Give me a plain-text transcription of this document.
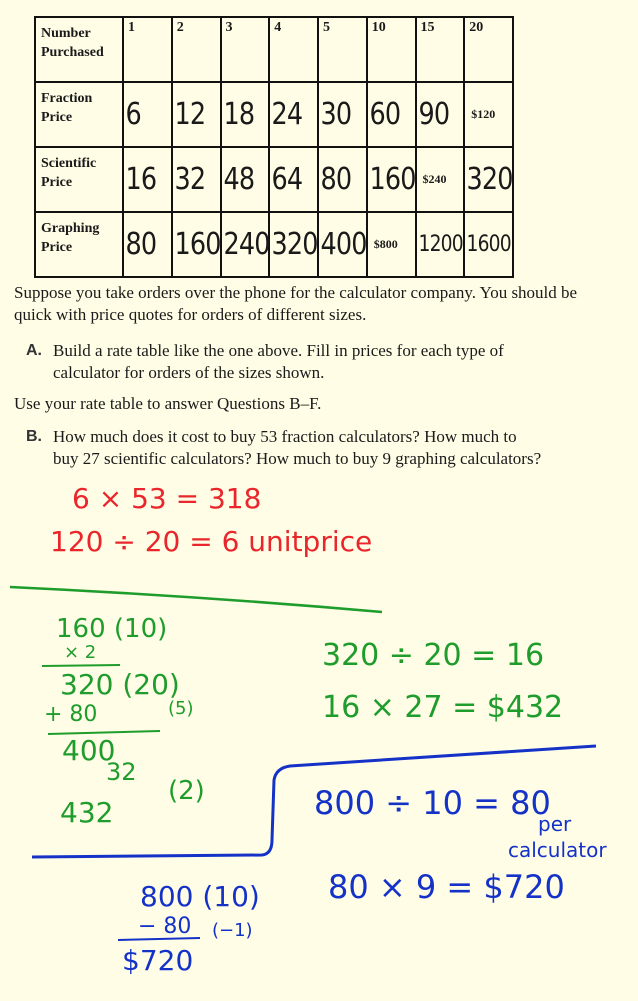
Number Purchased	1	2	3	4	5	10	15	20
Fraction Price	6	12	18	24	30	60	90	$120
Scientific Price	16	32	48	64	80	160	$240	320
Graphing Price	80	160	240	320	400	$800	1200	1600
Suppose you take orders over the phone for the calculator company. You should be quick with price quotes for orders of different sizes.
A. Build a rate table like the one above. Fill in prices for each type of
calculator for orders of the sizes shown.
Use your rate table to answer Questions B–F.
B. How much does it cost to buy 53 fraction calculators? How much to
buy 27 scientific calculators? How much to buy 9 graphing calculators?
6 × 53 = 318
120 ÷ 20 = 6 unitprice
160 (10)
× 2
320 (20)
+ 80	(5)
400
32
(2)
432
320 ÷ 20 = 16
16 × 27 = $432
800 ÷ 10 = 80
per
calculator
80 × 9 = $720
800 (10)
− 80 (−1)
$720
